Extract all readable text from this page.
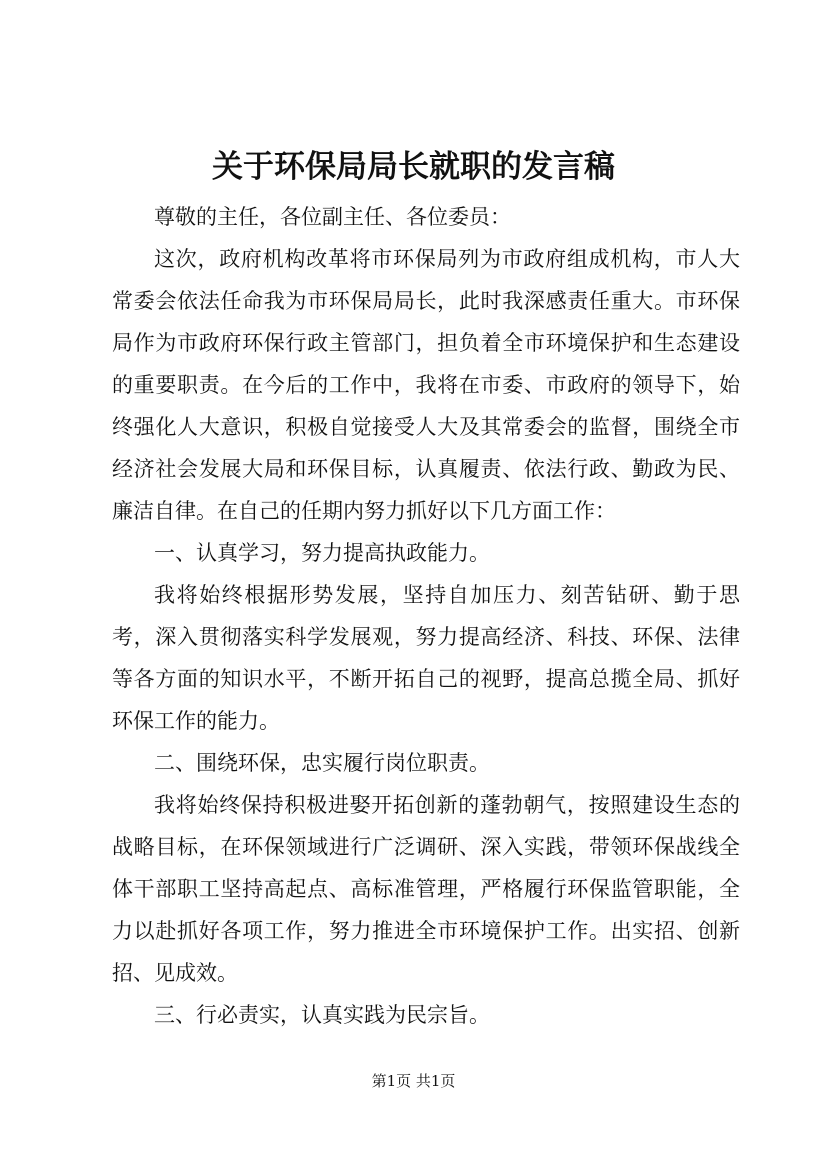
关于环保局局长就职的发言稿

尊敬的主任，各位副主任、各位委员：

这次，政府机构改革将市环保局列为市政府组成机构，市人大常委会依法任命我为市环保局局长，此时我深感责任重大。市环保局作为市政府环保行政主管部门，担负着全市环境保护和生态建设的重要职责。在今后的工作中，我将在市委、市政府的领导下，始终强化人大意识，积极自觉接受人大及其常委会的监督，围绕全市经济社会发展大局和环保目标，认真履责、依法行政、勤政为民、廉洁自律。在自己的任期内努力抓好以下几方面工作：

一、认真学习，努力提高执政能力。

我将始终根据形势发展，坚持自加压力、刻苦钻研、勤于思考，深入贯彻落实科学发展观，努力提高经济、科技、环保、法律等各方面的知识水平，不断开拓自己的视野，提高总揽全局、抓好环保工作的能力。

二、围绕环保，忠实履行岗位职责。

我将始终保持积极进娶开拓创新的蓬勃朝气，按照建设生态的战略目标，在环保领域进行广泛调研、深入实践，带领环保战线全体干部职工坚持高起点、高标准管理，严格履行环保监管职能，全力以赴抓好各项工作，努力推进全市环境保护工作。出实招、创新招、见成效。

三、行必责实，认真实践为民宗旨。

第1页 共1页
